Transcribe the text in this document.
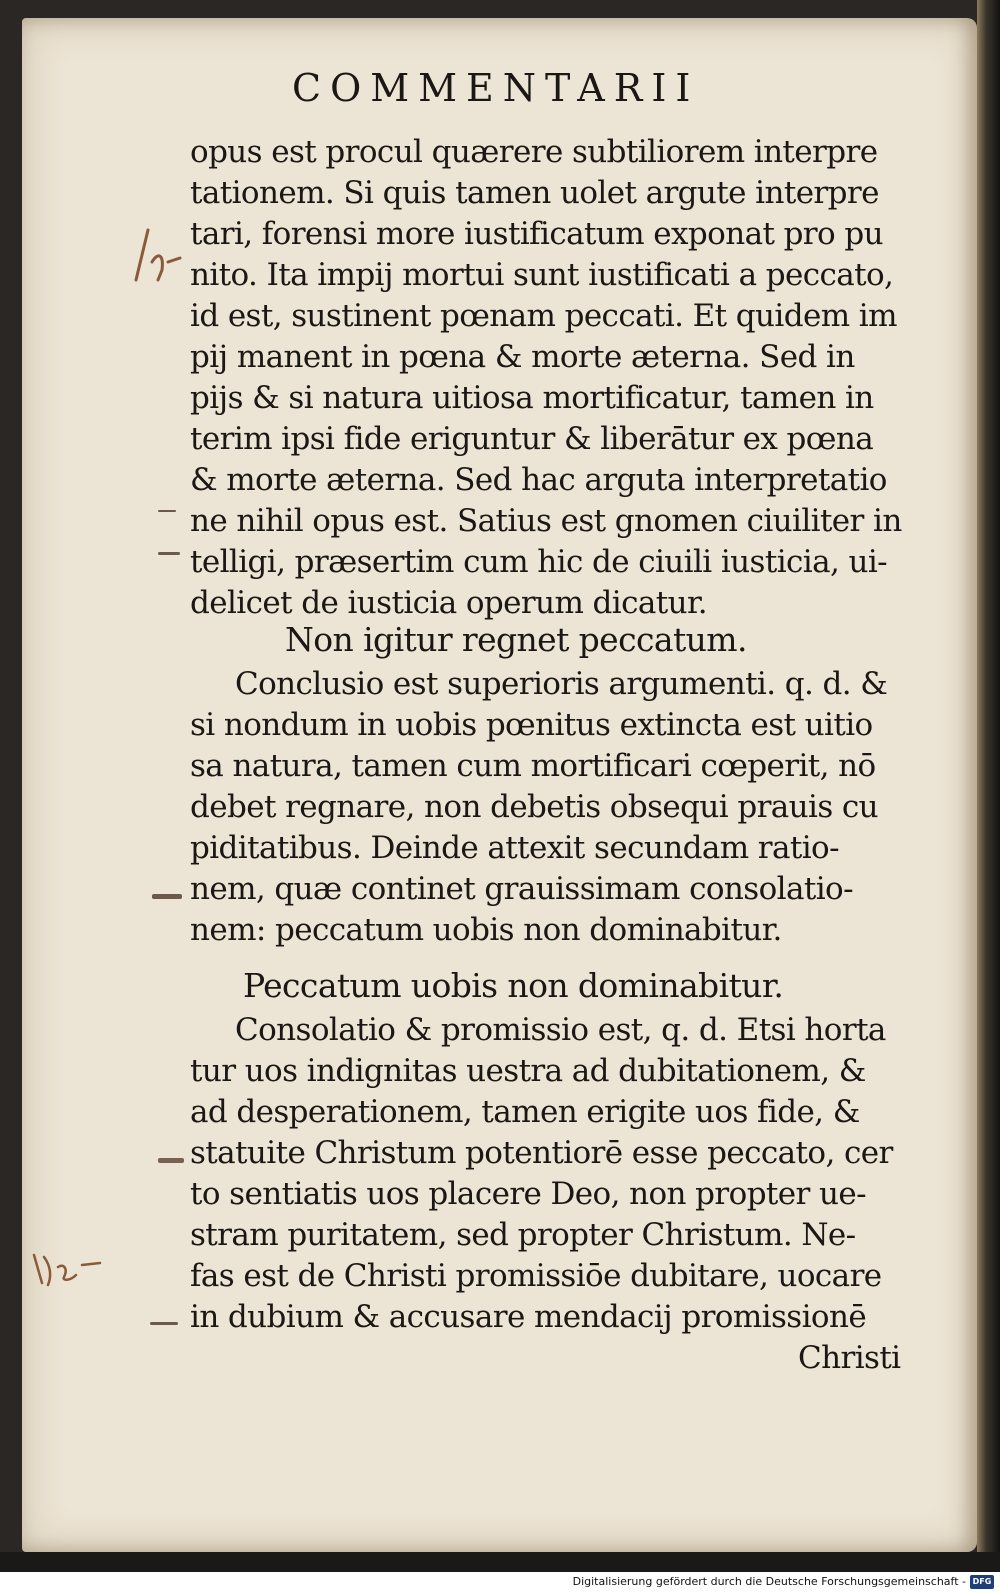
COMMENTARII
opus est procul quærere subtiliorem interpre
tationem. Si quis tamen uolet argute interpre
tari, forensi more iustificatum exponat pro pu
nito. Ita impij mortui sunt iustificati a peccato,
id est, sustinent pœnam peccati. Et quidem im
pij manent in pœna & morte æterna. Sed in
pijs & si natura uitiosa mortificatur, tamen in
terim ipsi fide eriguntur & liberātur ex pœna
& morte æterna. Sed hac arguta interpretatio
ne nihil opus est. Satius est gnomen ciuiliter in
telligi, præsertim cum hic de ciuili iusticia, ui-
delicet de iusticia operum dicatur.
Non igitur regnet peccatum.
Conclusio est superioris argumenti. q. d. &
si nondum in uobis pœnitus extincta est uitio
sa natura, tamen cum mortificari cœperit, nō
debet regnare, non debetis obsequi prauis cu
piditatibus. Deinde attexit secundam ratio-
nem, quæ continet grauissimam consolatio-
nem: peccatum uobis non dominabitur.
Peccatum uobis non dominabitur.
Consolatio & promissio est, q. d. Etsi horta
tur uos indignitas uestra ad dubitationem, &
ad desperationem, tamen erigite uos fide, &
statuite Christum potentiorē esse peccato, cer
to sentiatis uos placere Deo, non propter ue-
stram puritatem, sed propter Christum. Ne-
fas est de Christi promissiōe dubitare, uocare
in dubium & accusare mendacij promissionē
Christi
Digitalisierung gefördert durch die Deutsche Forschungsgemeinschaft - DFG
